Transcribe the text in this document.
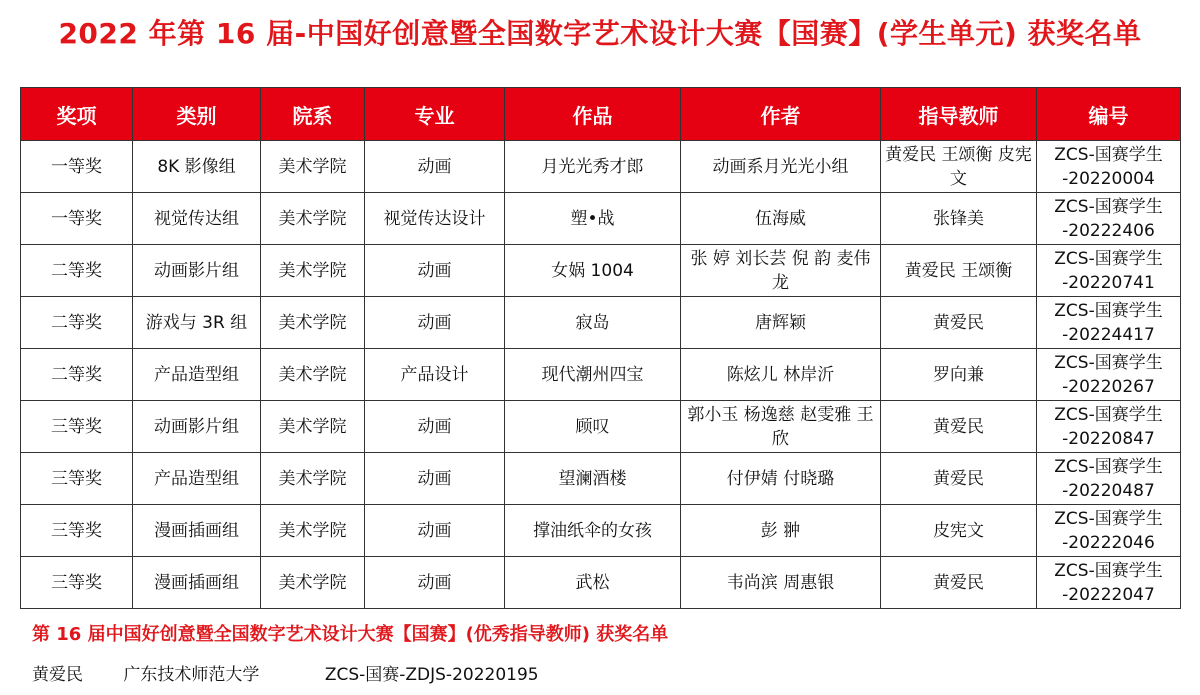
2022 年第 16 届-中国好创意暨全国数字艺术设计大赛【国赛】(学生单元) 获奖名单
奖项	类别	院系	专业	作品	作者	指导教师	编号
一等奖	8K 影像组	美术学院	动画	月光光秀才郎	动画系月光光小组	黄爱民 王颂衡 皮宪文	ZCS-国赛学生 -20220004
一等奖	视觉传达组	美术学院	视觉传达设计	塑•战	伍海威	张锋美	ZCS-国赛学生 -20222406
二等奖	动画影片组	美术学院	动画	女娲 1004	张 婷 刘长芸 倪 韵 麦伟龙	黄爱民 王颂衡	ZCS-国赛学生 -20220741
二等奖	游戏与 3R 组	美术学院	动画	寂岛	唐辉颖	黄爱民	ZCS-国赛学生 -20224417
二等奖	产品造型组	美术学院	产品设计	现代潮州四宝	陈炫儿 林岸沂	罗向兼	ZCS-国赛学生 -20220267
三等奖	动画影片组	美术学院	动画	顾叹	郭小玉 杨逸慈 赵雯雅 王 欣	黄爱民	ZCS-国赛学生 -20220847
三等奖	产品造型组	美术学院	动画	望澜酒楼	付伊婧 付晓璐	黄爱民	ZCS-国赛学生 -20220487
三等奖	漫画插画组	美术学院	动画	撑油纸伞的女孩	彭 翀	皮宪文	ZCS-国赛学生 -20222046
三等奖	漫画插画组	美术学院	动画	武松	韦尚滨 周惠银	黄爱民	ZCS-国赛学生 -20222047
第 16 届中国好创意暨全国数字艺术设计大赛【国赛】(优秀指导教师) 获奖名单
黄爱民 广东技术师范大学	ZCS-国赛-ZDJS-20220195
